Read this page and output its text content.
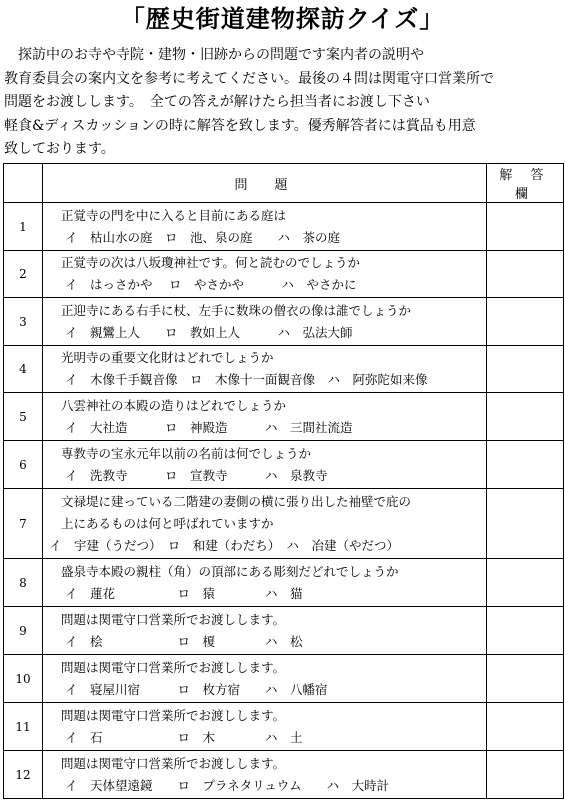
「歴史街道建物探訪クイズ」
　探訪中のお寺や寺院・建物・旧跡からの問題です案内者の説明や
教育委員会の案内文を参考に考えてください。最後の４問は関電守口営業所で
問題をお渡しします。　全ての答えが解けたら担当者にお渡し下さい
軽食&ディスカッションの時に解答を致します。優秀解答者には賞品も用意
致しております。
	問　題	解 答 欄
1	正覚寺の門を中に入ると目前にある庭は
イ　枯山水の庭　ロ　池、泉の庭　　ハ　茶の庭	

2	正覚寺の次は八坂瓊神社です。何と読むのでしょうか
イ　はっさかや　 ロ　やさかや　　　ハ　やさかに	

3	正迎寺にある右手に杖、左手に数珠の僧衣の像は誰でしょうか
イ　親鸞上人　　ロ　教如上人　　　ハ　弘法大師	

4	光明寺の重要文化財はどれでしょうか
イ　木像千手観音像　ロ　木像十一面観音像　ハ　阿弥陀如来像	

5	八雲神社の本殿の造りはどれでしょうか
イ　大社造　　　ロ　神殿造　　　ハ　三間社流造	

6	専教寺の宝永元年以前の名前は何でしょうか
イ　洗教寺　　　ロ　宣教寺　　　ハ　泉教寺	

7	文禄堤に建っている二階建の妻側の横に張り出した袖壁で庇の
上にあるものは何と呼ばれていますか
イ　宇建（うだつ）　ロ　和建（わだち）　ハ　冶建（やだつ）	

8	盛泉寺本殿の親柱（角）の頂部にある彫刻だどれでしょうか
イ　蓮花　　　　　ロ　猿　　　　ハ　猫	

9	問題は関電守口営業所でお渡しします。
イ　桧　　　　　　ロ　榎　　　　ハ　松	

10	問題は関電守口営業所でお渡しします。
イ　寝屋川宿　　　ロ　枚方宿　　ハ　八幡宿	

11	問題は関電守口営業所でお渡しします。
イ　石　　　　　　ロ　木　　　　ハ　土	

12	問題は関電守口営業所でお渡しします。
イ　天体望遠鏡　　ロ　プラネタリュウム　　ハ　大時計	
